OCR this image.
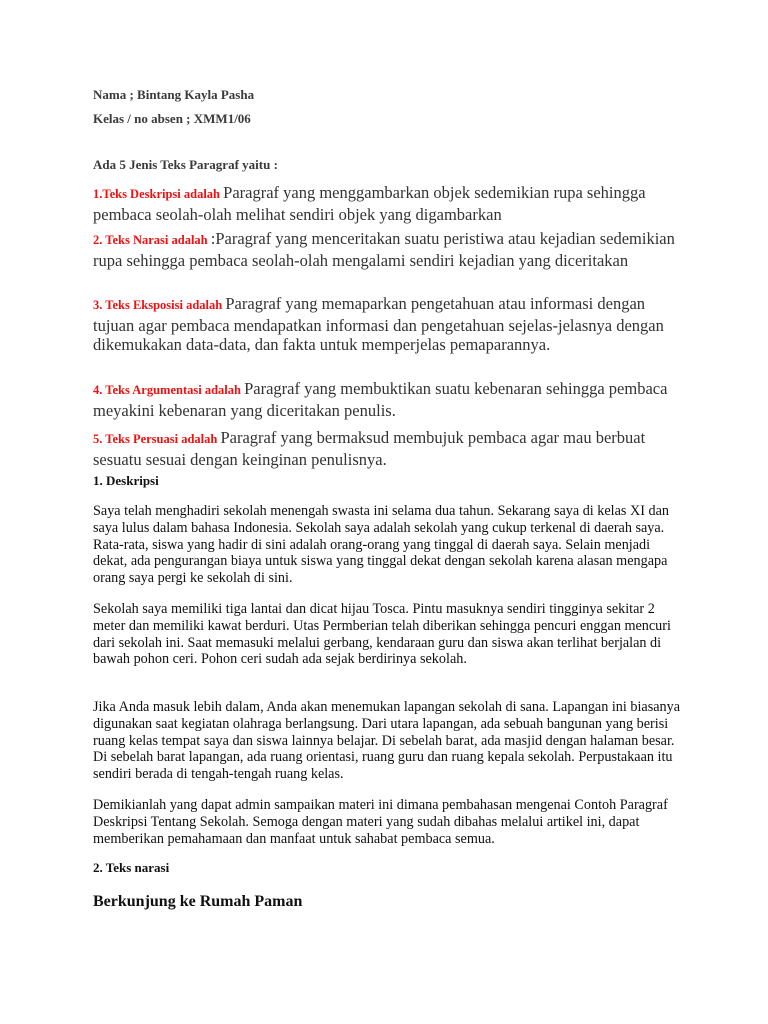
Nama ; Bintang Kayla Pasha

Kelas / no absen ; XMM1/06

Ada 5 Jenis Teks Paragraf yaitu :

1.Teks Deskripsi adalah Paragraf yang menggambarkan objek sedemikian rupa sehingga pembaca seolah-olah melihat sendiri objek yang digambarkan

2. Teks Narasi adalah :Paragraf yang menceritakan suatu peristiwa atau kejadian sedemikian rupa sehingga pembaca seolah-olah mengalami sendiri kejadian yang diceritakan

3. Teks Eksposisi adalah Paragraf yang memaparkan pengetahuan atau informasi dengan tujuan agar pembaca mendapatkan informasi dan pengetahuan sejelas-jelasnya dengan dikemukakan data-data, dan fakta untuk memperjelas pemaparannya.

4. Teks Argumentasi adalah Paragraf yang membuktikan suatu kebenaran sehingga pembaca meyakini kebenaran yang diceritakan penulis.

5. Teks Persuasi adalah Paragraf yang bermaksud membujuk pembaca agar mau berbuat sesuatu sesuai dengan keinginan penulisnya.

1. Deskripsi

Saya telah menghadiri sekolah menengah swasta ini selama dua tahun. Sekarang saya di kelas XI dan saya lulus dalam bahasa Indonesia. Sekolah saya adalah sekolah yang cukup terkenal di daerah saya. Rata-rata, siswa yang hadir di sini adalah orang-orang yang tinggal di daerah saya. Selain menjadi dekat, ada pengurangan biaya untuk siswa yang tinggal dekat dengan sekolah karena alasan mengapa orang saya pergi ke sekolah di sini.

Sekolah saya memiliki tiga lantai dan dicat hijau Tosca. Pintu masuknya sendiri tingginya sekitar 2 meter dan memiliki kawat berduri. Utas Permberian telah diberikan sehingga pencuri enggan mencuri dari sekolah ini. Saat memasuki melalui gerbang, kendaraan guru dan siswa akan terlihat berjalan di bawah pohon ceri. Pohon ceri sudah ada sejak berdirinya sekolah.

Jika Anda masuk lebih dalam, Anda akan menemukan lapangan sekolah di sana. Lapangan ini biasanya digunakan saat kegiatan olahraga berlangsung. Dari utara lapangan, ada sebuah bangunan yang berisi ruang kelas tempat saya dan siswa lainnya belajar. Di sebelah barat, ada masjid dengan halaman besar. Di sebelah barat lapangan, ada ruang orientasi, ruang guru dan ruang kepala sekolah. Perpustakaan itu sendiri berada di tengah-tengah ruang kelas.

Demikianlah yang dapat admin sampaikan materi ini dimana pembahasan mengenai Contoh Paragraf Deskripsi Tentang Sekolah. Semoga dengan materi yang sudah dibahas melalui artikel ini, dapat memberikan pemahamaan dan manfaat untuk sahabat pembaca semua.

2. Teks narasi

Berkunjung ke Rumah Paman
